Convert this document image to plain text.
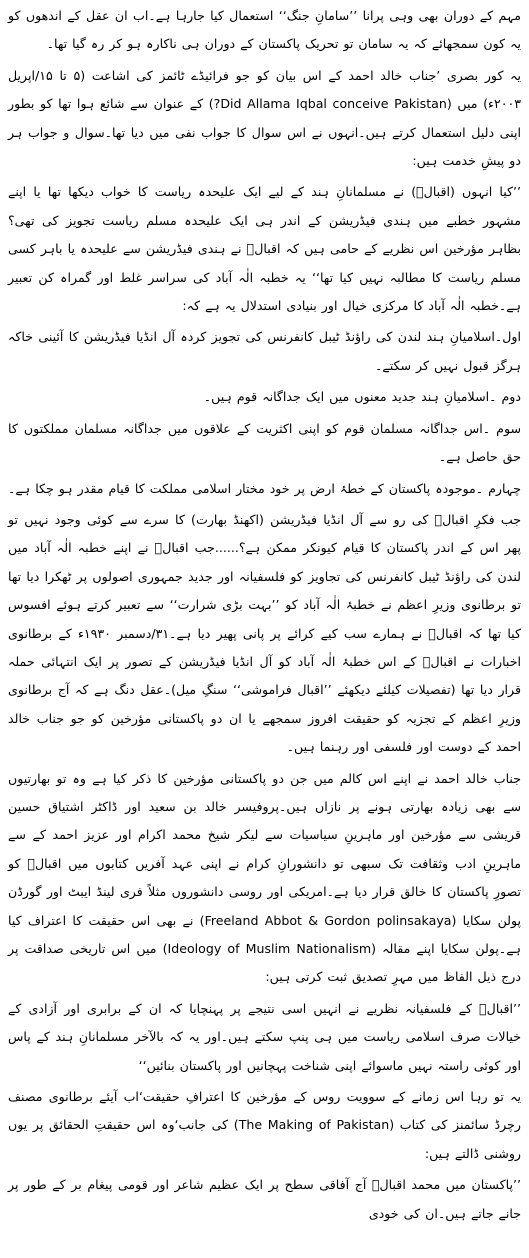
مہم کے دوران بھی وہی پرانا ’’سامانِ جنگ‘‘ استعمال کیا جارہا ہے۔اب ان عقل کے اندھوں کو یہ کون سمجھائے کہ یہ سامان تو تحریک پاکستان کے دوران ہی ناکارہ ہو کر رہ گیا تھا۔

یہ کور بصری ’جناب خالد احمد کے اس بیان کو جو فرائیڈے ٹائمز کی اشاعت (۵ تا ۱۵/اپریل ۲۰۰۳ء) میں (Did Allama Iqbal conceive Pakistan?) کے عنوان سے شائع ہوا تھا کو بطور اپنی دلیل استعمال کرتے ہیں۔انہوں نے اس سوال کا جواب نفی میں دیا تھا۔سوال و جواب ہر دو پیشِ خدمت ہیں:

’’کیا انہوں (اقبالؒ) نے مسلمانانِ ہند کے لیے ایک علیحدہ ریاست کا خواب دیکھا تھا یا اپنے مشہور خطبے میں ہندی فیڈریشن کے اندر ہی ایک علیحدہ مسلم ریاست تجویز کی تھی؟ بظاہر مؤرخین اس نظریے کے حامی ہیں کہ اقبالؒ نے ہندی فیڈریشن سے علیحدہ یا باہر کسی مسلم ریاست کا مطالبہ نہیں کیا تھا‘‘ یہ خطبہ الٰہ آباد کی سراسر غلط اور گمراہ کن تعبیر ہے۔خطبہ الٰہ آباد کا مرکزی خیال اور بنیادی استدلال یہ ہے کہ:

اول۔اسلامیانِ ہند لندن کی راؤنڈ ٹیبل کانفرنس کی تجویز کردہ آل انڈیا فیڈریشن کا آئینی خاکہ ہرگز قبول نہیں کر سکتے۔

دوم ۔اسلامیانِ ہند جدید معنوں میں ایک جداگانہ قوم ہیں۔

سوم ۔اس جداگانہ مسلمان قوم کو اپنی اکثریت کے علاقوں میں جداگانہ مسلمان مملکتوں کا حق حاصل ہے۔

چہارم ۔موجودہ پاکستان کے خطۂ ارض پر خود مختار اسلامی مملکت کا قیام مقدر ہو چکا ہے۔

جب فکرِ اقبالؒ کی رو سے آل انڈیا فیڈریشن (اکھنڈ بھارت) کا سرے سے کوئی وجود نہیں تو پھر اس کے اندر پاکستان کا قیام کیونکر ممکن ہے؟......جب اقبالؒ نے اپنے خطبہ الٰہ آباد میں لندن کی راؤنڈ ٹیبل کانفرنس کی تجاویز کو فلسفیانہ اور جدید جمہوری اصولوں پر ٹھکرا دیا تھا تو برطانوی وزیرِ اعظم نے خطبۂ الٰہ آباد کو ’’بہت بڑی شرارت‘‘ سے تعبیر کرتے ہوئے افسوس کیا تھا کہ اقبالؒ نے ہمارے سب کیے کرائے پر پانی پھیر دیا ہے۔۳۱/دسمبر ۱۹۳۰ء کے برطانوی اخبارات نے اقبالؒ کے اس خطبۂ الٰہ آباد کو آل انڈیا فیڈریشن کے تصور پر ایک انتہائی حملہ قرار دیا تھا (تفصیلات کیلئے دیکھئے ’’اقبال فراموشی‘‘ سنگِ میل)۔عقل دنگ ہے کہ آج برطانوی وزیرِ اعظم کے تجزیہ کو حقیقت افروز سمجھے یا ان دو پاکستانی مؤرخین کو جو جناب خالد احمد کے دوست اور فلسفی اور رہنما ہیں۔

جناب خالد احمد نے اپنے اس کالم میں جن دو پاکستانی مؤرخین کا ذکر کیا ہے وہ تو بھارتیوں سے بھی زیادہ بھارتی ہونے پر نازاں ہیں۔پروفیسر خالد بن سعید اور ڈاکٹر اشتیاق حسین قریشی سے مؤرخین اور ماہرینِ سیاسیات سے لیکر شیخ محمد اکرام اور عزیز احمد کے سے ماہرینِ ادب وثقافت تک سبھی تو دانشورانِ کرام نے اپنی عہد آفریں کتابوں میں اقبالؒ کو تصورِ پاکستان کا خالق قرار دیا ہے۔امریکی اور روسی دانشوروں مثلاً فری لینڈ ایبٹ اور گورڈن پولن سکایا (Freeland Abbot & Gordon polinsakaya) نے بھی اس حقیقت کا اعتراف کیا ہے۔پولن سکایا اپنے مقالہ (Ideology of Muslim Nationalism) میں اس تاریخی صداقت پر درج ذیل الفاظ میں مہرِ تصدیق ثبت کرتی ہیں:

’’اقبالؒ کے فلسفیانہ نظریے نے انہیں اسی نتیجے پر پہنچایا کہ ان کے برابری اور آزادی کے خیالات صرف اسلامی ریاست میں ہی پنپ سکتے ہیں۔اور یہ کہ بالآخر مسلمانانِ ہند کے پاس اور کوئی راستہ نہیں ماسوائے اپنی شناخت پہچانیں اور پاکستان بنائیں‘‘

یہ تو رہا اس زمانے کے سوویت روس کے مؤرخین کا اعترافِ حقیقت‘اب آیئے برطانوی مصنف رچرڈ سائمنز کی کتاب (The Making of Pakistan) کی جانب‘وہ اس حقیقتِ الحقائق پر یوں روشنی ڈالتے ہیں:

’’پاکستان میں محمد اقبالؒ آج آفاقی سطح پر ایک عظیم شاعر اور قومی پیغام بر کے طور پر جانے جاتے ہیں۔ان کی خودی
